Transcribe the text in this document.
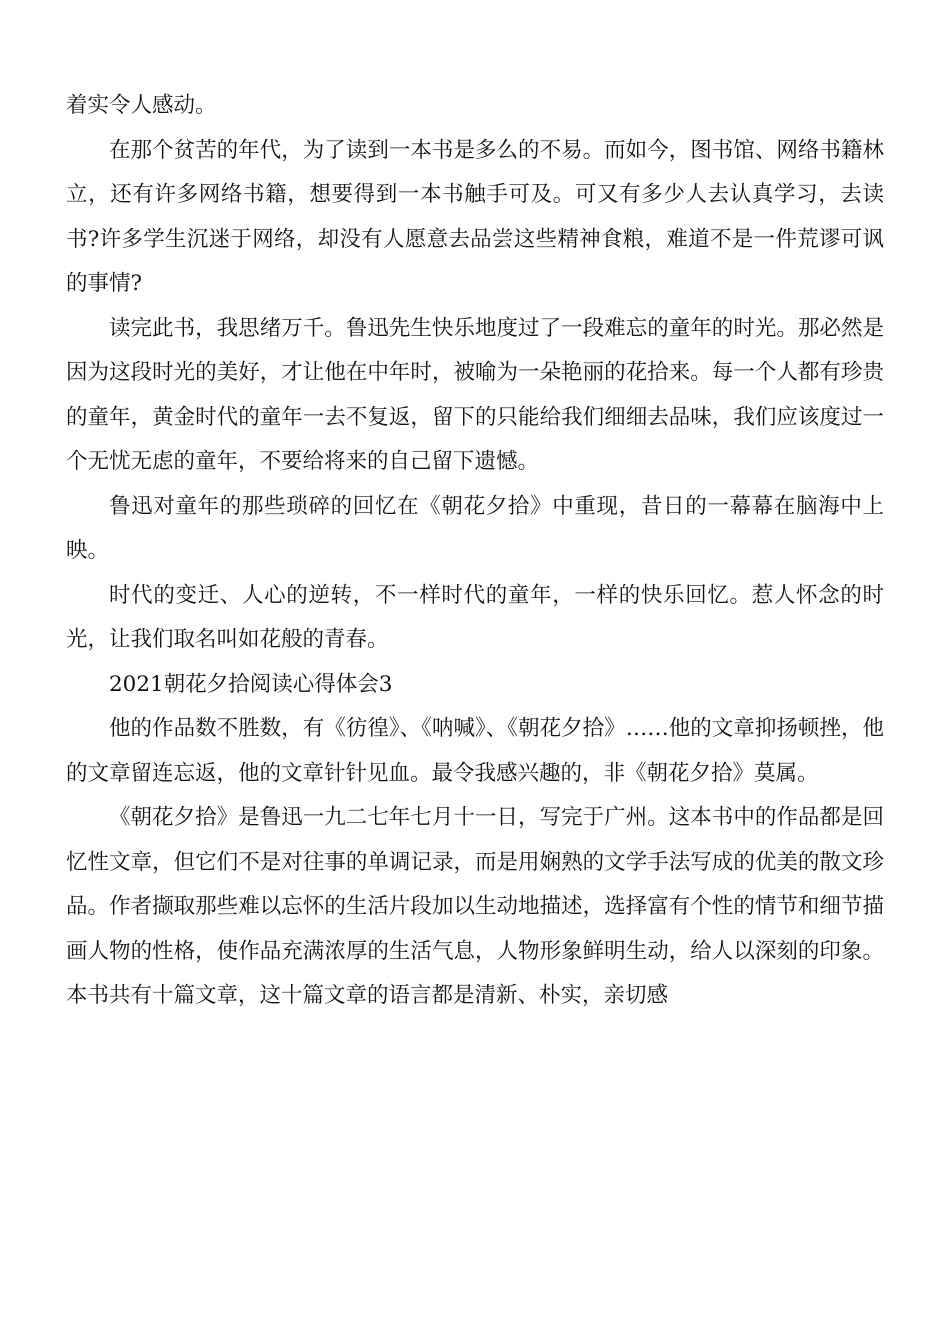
着实令人感动。

在那个贫苦的年代，为了读到一本书是多么的不易。而如今，图书馆、网络书籍林立，还有许多网络书籍，想要得到一本书触手可及。可又有多少人去认真学习，去读书?许多学生沉迷于网络，却没有人愿意去品尝这些精神食粮，难道不是一件荒谬可讽的事情?

读完此书，我思绪万千。鲁迅先生快乐地度过了一段难忘的童年的时光。那必然是因为这段时光的美好，才让他在中年时，被喻为一朵艳丽的花拾来。每一个人都有珍贵的童年，黄金时代的童年一去不复返，留下的只能给我们细细去品味，我们应该度过一个无忧无虑的童年，不要给将来的自己留下遗憾。

鲁迅对童年的那些琐碎的回忆在《朝花夕拾》中重现，昔日的一幕幕在脑海中上映。

时代的变迁、人心的逆转，不一样时代的童年，一样的快乐回忆。惹人怀念的时光，让我们取名叫如花般的青春。

2021朝花夕拾阅读心得体会3

他的作品数不胜数，有《彷徨》、《呐喊》、《朝花夕拾》……他的文章抑扬顿挫，他的文章留连忘返，他的文章针针见血。最令我感兴趣的，非《朝花夕拾》莫属。

《朝花夕拾》是鲁迅一九二七年七月十一日，写完于广州。这本书中的作品都是回忆性文章，但它们不是对往事的单调记录，而是用娴熟的文学手法写成的优美的散文珍品。作者撷取那些难以忘怀的生活片段加以生动地描述，选择富有个性的情节和细节描画人物的性格，使作品充满浓厚的生活气息，人物形象鲜明生动，给人以深刻的印象。本书共有十篇文章，这十篇文章的语言都是清新、朴实，亲切感
